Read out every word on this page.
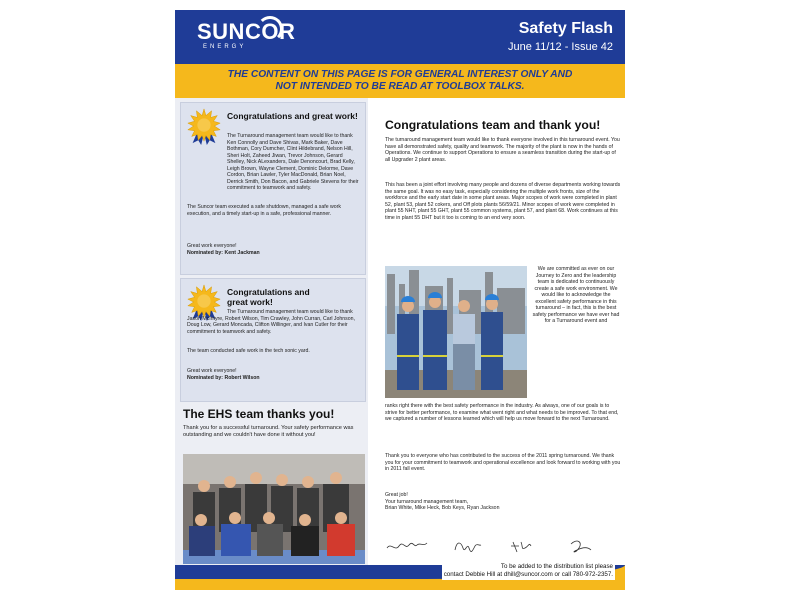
SUNCOR
ENERGY
Safety Flash
June 11/12 - Issue 42
THE CONTENT ON THIS PAGE IS FOR GENERAL INTEREST ONLY AND
NOT INTENDED TO BE READ AT TOOLBOX TALKS.
Congratulations and great work!
The Turnaround management team would like to thank Ken Connolly and Dave Shivas, Mark Baker, Dave Bothman, Cory Dumcher, Clint Hildebrand, Nelson Hill, Sheri Holt, Zaheed Jiwan, Trevor Johnson, Gerard Shelley, Nick ALexanders, Dale Denoncourt, Brad Kelly, Leigh Brown, Wayne Clement, Dominic Delorme, Dave Cordon, Brian Lawler, Tyler MacDonald, Brian Noel, Derrick Smith, Don Bacon, and Gabriele Stevens for their commitment to teamwork and safety.
The Suncor team executed a safe shutdown, managed a safe work execution, and a timely start-up in a safe, professional manner.
Great work everyone!
Nominated by: Kent Jackman
Congratulations and great work!
The Turnaround management team would like to thank Jason McIntyre, Robert Wilson, Tim Crawley, John Curran, Carl Johnson, Doug Low, Gerard Moncada, Clifton Willinger, and Ivan Cutler for their commitment to teamwork and safety.
The team conducted safe work in the tech sonic yard.
Great work everyone!
Nominated by: Robert Wilson
The EHS team thanks you!
Thank you for a successful turnaround. Your safety performance was outstanding and we couldn't have done it without you!
Congratulations team and thank you!
The turnaround management team would like to thank everyone involved in this turnaround event. You have all demonstrated safety, quality and teamwork. The majority of the plant is now in the hands of Operations. We continue to support Operations to ensure a seamless transition during the start-up of all Upgrader 2 plant areas.
This has been a joint effort involving many people and dozens of diverse departments working towards the same goal. It was no easy task, especially considering the multiple work fronts, size of the workforce and the early start date in some plant areas. Major scopes of work were completed in plant 52, plant 53, plant 52 cokers, and Off plots plants 56/59/21. Minor scopes of work were completed in plant 55 NHT, plant 55 GHT, plant 55 common systems, plant 57, and plant 68. Work continues at this time in plant 55 DHT but it too is coming to an end very soon.
We are committed as ever on our Journey to Zero and the leadership team is dedicated to continuously create a safe work environment. We would like to acknowledge the excellent safety performance in this turnaround – in fact, this is the best safety performance we have ever had for a Turnaround event and
ranks right there with the best safety performance in the industry. As always, one of our goals is to strive for better performance, to examine what went right and what needs to be improved. To that end, we captured a number of lessons learned which will help us move forward to the next Turnaround.
Thank you to everyone who has contributed to the success of the 2011 spring turnaround. We thank you for your commitment to teamwork and operational excellence and look forward to working with you in 2011 fall event.
Great job!
Your turnaround management team,
Brian White, Mike Heck, Bob Keys, Ryan Jackson
To be added to the distribution list please
contact Debbie Hill at dhill@suncor.com or call 780-972-2357.
